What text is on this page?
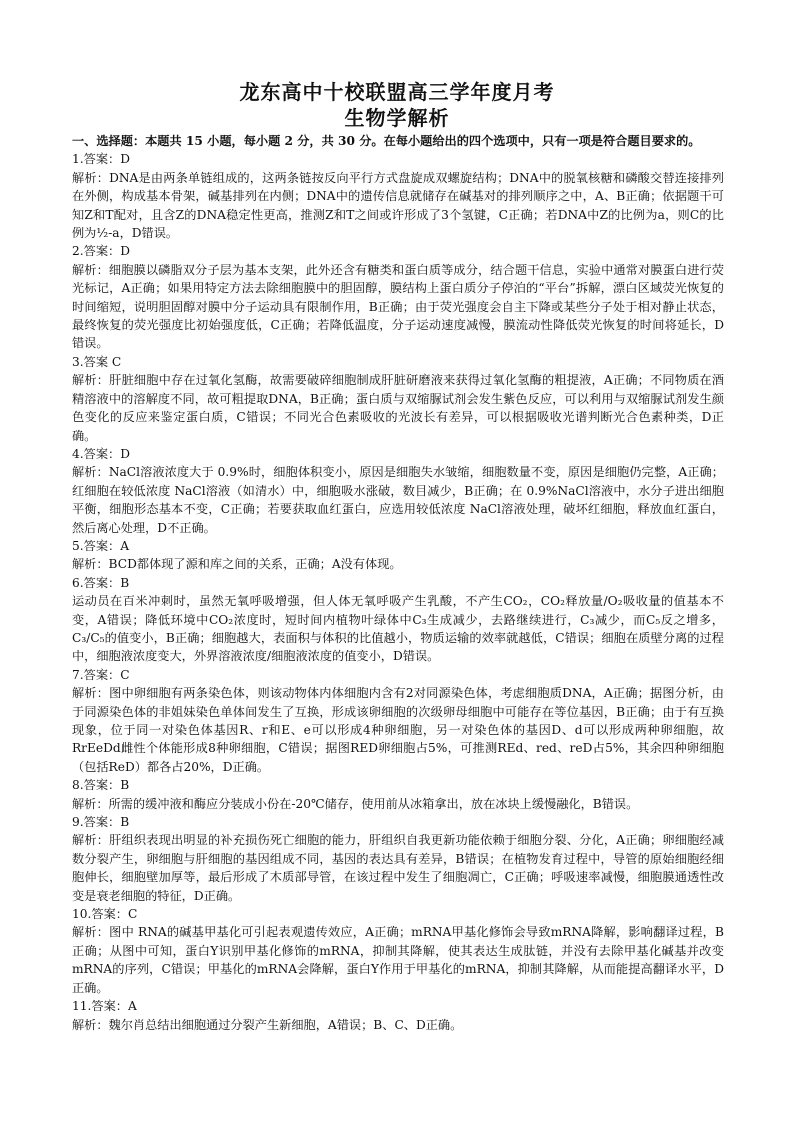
龙东高中十校联盟高三学年度月考
生物学解析

一、选择题：本题共 15 小题，每小题 2 分，共 30 分。在每小题给出的四个选项中，只有一项是符合题目要求的。

1.答案：D

解析：DNA是由两条单链组成的，这两条链按反向平行方式盘旋成双螺旋结构；DNA中的脱氧核糖和磷酸交替连接排列在外侧，构成基本骨架，碱基排列在内侧；DNA中的遗传信息就储存在碱基对的排列顺序之中，A、B正确；依据题干可知Z和T配对，且含Z的DNA稳定性更高，推测Z和T之间或许形成了3个氢键，C正确；若DNA中Z的比例为a，则C的比例为½-a，D错误。

2.答案：D

解析：细胞膜以磷脂双分子层为基本支架，此外还含有糖类和蛋白质等成分，结合题干信息，实验中通常对膜蛋白进行荧光标记，A正确；如果用特定方法去除细胞膜中的胆固醇，膜结构上蛋白质分子停泊的“平台”拆解，漂白区域荧光恢复的时间缩短，说明胆固醇对膜中分子运动具有限制作用，B正确；由于荧光强度会自主下降或某些分子处于相对静止状态，最终恢复的荧光强度比初始强度低，C正确；若降低温度，分子运动速度减慢，膜流动性降低荧光恢复的时间将延长，D错误。

3.答案 C

解析：肝脏细胞中存在过氧化氢酶，故需要破碎细胞制成肝脏研磨液来获得过氧化氢酶的粗提液，A正确；不同物质在酒精溶液中的溶解度不同，故可粗提取DNA，B正确；蛋白质与双缩脲试剂会发生紫色反应，可以利用与双缩脲试剂发生颜色变化的反应来鉴定蛋白质，C错误；不同光合色素吸收的光波长有差异，可以根据吸收光谱判断光合色素种类，D正确。

4.答案：D

解析：NaCl溶液浓度大于 0.9%时，细胞体积变小，原因是细胞失水皱缩，细胞数量不变，原因是细胞仍完整，A正确；红细胞在较低浓度 NaCl溶液（如清水）中，细胞吸水涨破，数目减少，B正确；在 0.9%NaCl溶液中，水分子进出细胞平衡，细胞形态基本不变，C正确；若要获取血红蛋白，应选用较低浓度 NaCl溶液处理，破坏红细胞，释放血红蛋白，然后离心处理，D不正确。

5.答案：A

解析：BCD都体现了源和库之间的关系，正确；A没有体现。

6.答案：B

运动员在百米冲刺时，虽然无氧呼吸增强，但人体无氧呼吸产生乳酸，不产生CO₂，CO₂释放量/O₂吸收量的值基本不变，A错误；降低环境中CO₂浓度时，短时间内植物叶绿体中C₃生成减少，去路继续进行，C₃减少，而C₅反之增多， C₃/C₅的值变小，B正确；细胞越大，表面积与体积的比值越小，物质运输的效率就越低，C错误；细胞在质壁分离的过程中，细胞液浓度变大，外界溶液浓度/细胞液浓度的值变小，D错误。

7.答案：C

解析：图中卵细胞有两条染色体，则该动物体内体细胞内含有2对同源染色体，考虑细胞质DNA，A正确；据图分析，由于同源染色体的非姐妹染色单体间发生了互换，形成该卵细胞的次级卵母细胞中可能存在等位基因，B正确；由于有互换现象，位于同一对染色体基因R、r和E、e可以形成4种卵细胞，另一对染色体的基因D、d可以形成两种卵细胞，故RrEeDd雌性个体能形成8种卵细胞，C错误；据图RED卵细胞占5%，可推测REd、red、reD占5%，其余四种卵细胞（包括ReD）都各占20%，D正确。

8.答案：B

解析：所需的缓冲液和酶应分装成小份在-20℃储存，使用前从冰箱拿出，放在冰块上缓慢融化，B错误。

9.答案：B

解析：肝组织表现出明显的补充损伤死亡细胞的能力，肝组织自我更新功能依赖于细胞分裂、分化，A正确；卵细胞经减数分裂产生，卵细胞与肝细胞的基因组成不同，基因的表达具有差异，B错误；在植物发育过程中，导管的原始细胞经细胞伸长，细胞壁加厚等，最后形成了木质部导管，在该过程中发生了细胞凋亡，C正确；呼吸速率减慢，细胞膜通透性改变是衰老细胞的特征，D正确。

10.答案：C

解析：图中 RNA的碱基甲基化可引起表观遗传效应，A正确；mRNA甲基化修饰会导致mRNA降解，影响翻译过程，B正确；从图中可知，蛋白Y识别甲基化修饰的mRNA，抑制其降解，使其表达生成肽链，并没有去除甲基化碱基并改变mRNA的序列，C错误；甲基化的mRNA会降解，蛋白Y作用于甲基化的mRNA，抑制其降解，从而能提高翻译水平，D正确。

11.答案：A

解析：魏尔肖总结出细胞通过分裂产生新细胞，A错误；B、C、D正确。
